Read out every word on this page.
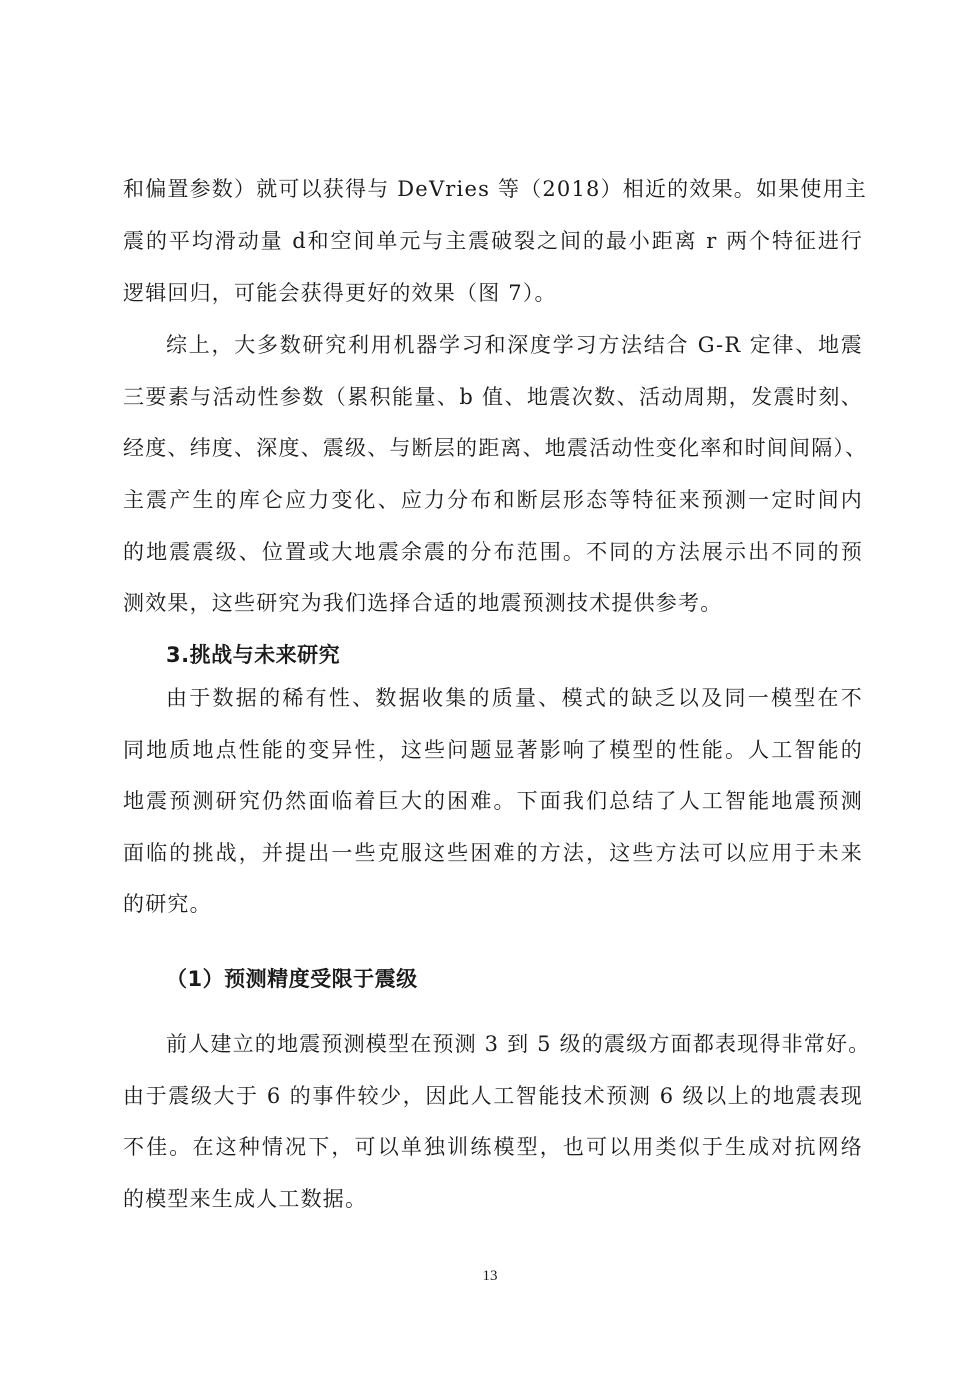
和偏置参数）就可以获得与 DeVries 等（2018）相近的效果。如果使用主
震的平均滑动量 d和空间单元与主震破裂之间的最小距离 r 两个特征进行
逻辑回归，可能会获得更好的效果（图 7）。
综上，大多数研究利用机器学习和深度学习方法结合 G-R 定律、地震
三要素与活动性参数（累积能量、b 值、地震次数、活动周期，发震时刻、
经度、纬度、深度、震级、与断层的距离、地震活动性变化率和时间间隔）、
主震产生的库仑应力变化、应力分布和断层形态等特征来预测一定时间内
的地震震级、位置或大地震余震的分布范围。不同的方法展示出不同的预
测效果，这些研究为我们选择合适的地震预测技术提供参考。
3.挑战与未来研究
由于数据的稀有性、数据收集的质量、模式的缺乏以及同一模型在不
同地质地点性能的变异性，这些问题显著影响了模型的性能。人工智能的
地震预测研究仍然面临着巨大的困难。下面我们总结了人工智能地震预测
面临的挑战，并提出一些克服这些困难的方法，这些方法可以应用于未来
的研究。
（1）预测精度受限于震级
前人建立的地震预测模型在预测 3 到 5 级的震级方面都表现得非常好。
由于震级大于 6 的事件较少，因此人工智能技术预测 6 级以上的地震表现
不佳。在这种情况下，可以单独训练模型，也可以用类似于生成对抗网络
的模型来生成人工数据。
13
